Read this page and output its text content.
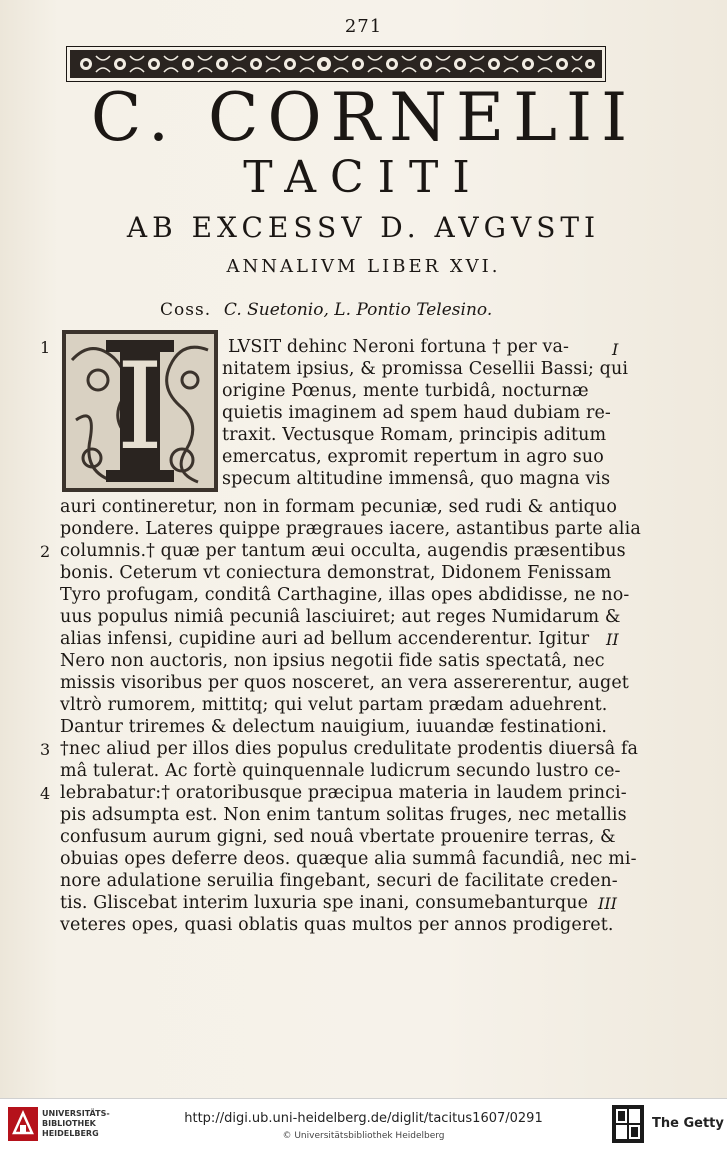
271
C. CORNELII
TACITI
AB EXCESSV D. AVGVSTI
ANNALIVM LIBER XVI.
Coss. C. Suetonio, L. Pontio Telesino.
I	LVSIT dehinc Neroni fortuna † per va-
nitatem ipsius, & promissa Cesellii Bassi; qui
origine Pœnus, mente turbidâ, nocturnæ
quietis imaginem ad spem haud dubiam re-
traxit. Vectusque Romam, principis aditum
emercatus, expromit repertum in agro suo
specum altitudine immensâ, quo magna vis
auri contineretur, non in formam pecuniæ, sed rudi & antiquo
pondere. Lateres quippe prægraues iacere, astantibus parte alia
columnis.† quæ per tantum æui occulta, augendis præsentibus
bonis. Ceterum vt coniectura demonstrat, Didonem Fenissam
Tyro profugam, conditâ Carthagine, illas opes abdidisse, ne no-
uus populus nimiâ pecuniâ lasciuiret; aut reges Numidarum &
alias infensi, cupidine auri ad bellum accenderentur. Igitur
Nero non auctoris, non ipsius negotii fide satis spectatâ, nec
missis visoribus per quos nosceret, an vera assererentur, auget
vltrò rumorem, mittitq; qui velut partam prædam aduehrent.
Dantur triremes & delectum nauigium, iuuandæ festinationi.
†nec aliud per illos dies populus credulitate prodentis diuersâ fa
mâ tulerat. Ac fortè quinquennale ludicrum secundo lustro ce-
lebrabatur:† oratoribusque præcipua materia in laudem princi-
pis adsumpta est. Non enim tantum solitas fruges, nec metallis
confusum aurum gigni, sed nouâ vbertate prouenire terras, &
obuias opes deferre deos. quæque alia summâ facundiâ, nec mi-
nore adulatione seruilia fingebant, securi de facilitate creden-
tis. Gliscebat interim luxuria spe inani, consumebanturque
veteres opes, quasi oblatis quas multos per annos prodigeret.
1
2
3
4
I
II
III
UNIVERSITÄTS-
BIBLIOTHEK
HEIDELBERG
http://digi.ub.uni-heidelberg.de/diglit/tacitus1607/0291
© Universitätsbibliothek Heidelberg
The Getty
